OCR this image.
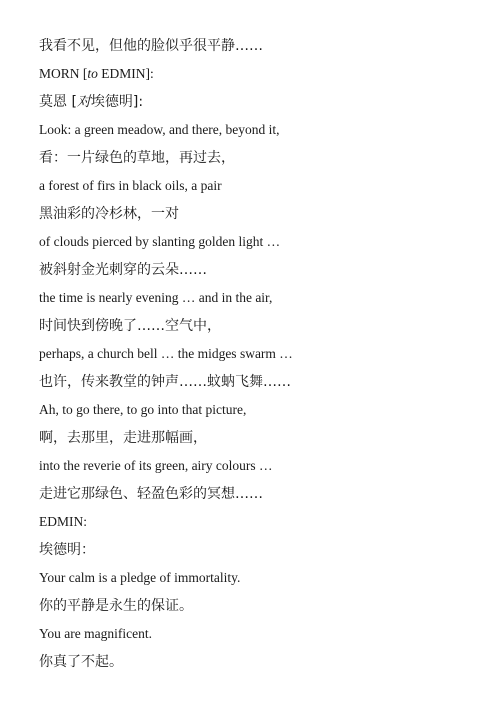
我看不见，但他的脸似乎很平静……
MORN [to EDMIN]:
莫恩 [对埃德明]:
Look: a green meadow, and there, beyond it,
看：一片绿色的草地，再过去，
a forest of firs in black oils, a pair
黑油彩的冷杉林，一对
of clouds pierced by slanting golden light …
被斜射金光刺穿的云朵……
the time is nearly evening … and in the air,
时间快到傍晚了……空气中，
perhaps, a church bell … the midges swarm …
也许，传来教堂的钟声……蚊蚋飞舞……
Ah, to go there, to go into that picture,
啊，去那里，走进那幅画，
into the reverie of its green, airy colours …
走进它那绿色、轻盈色彩的冥想……
EDMIN:
埃德明：
Your calm is a pledge of immortality.
你的平静是永生的保证。
You are magnificent.
你真了不起。
